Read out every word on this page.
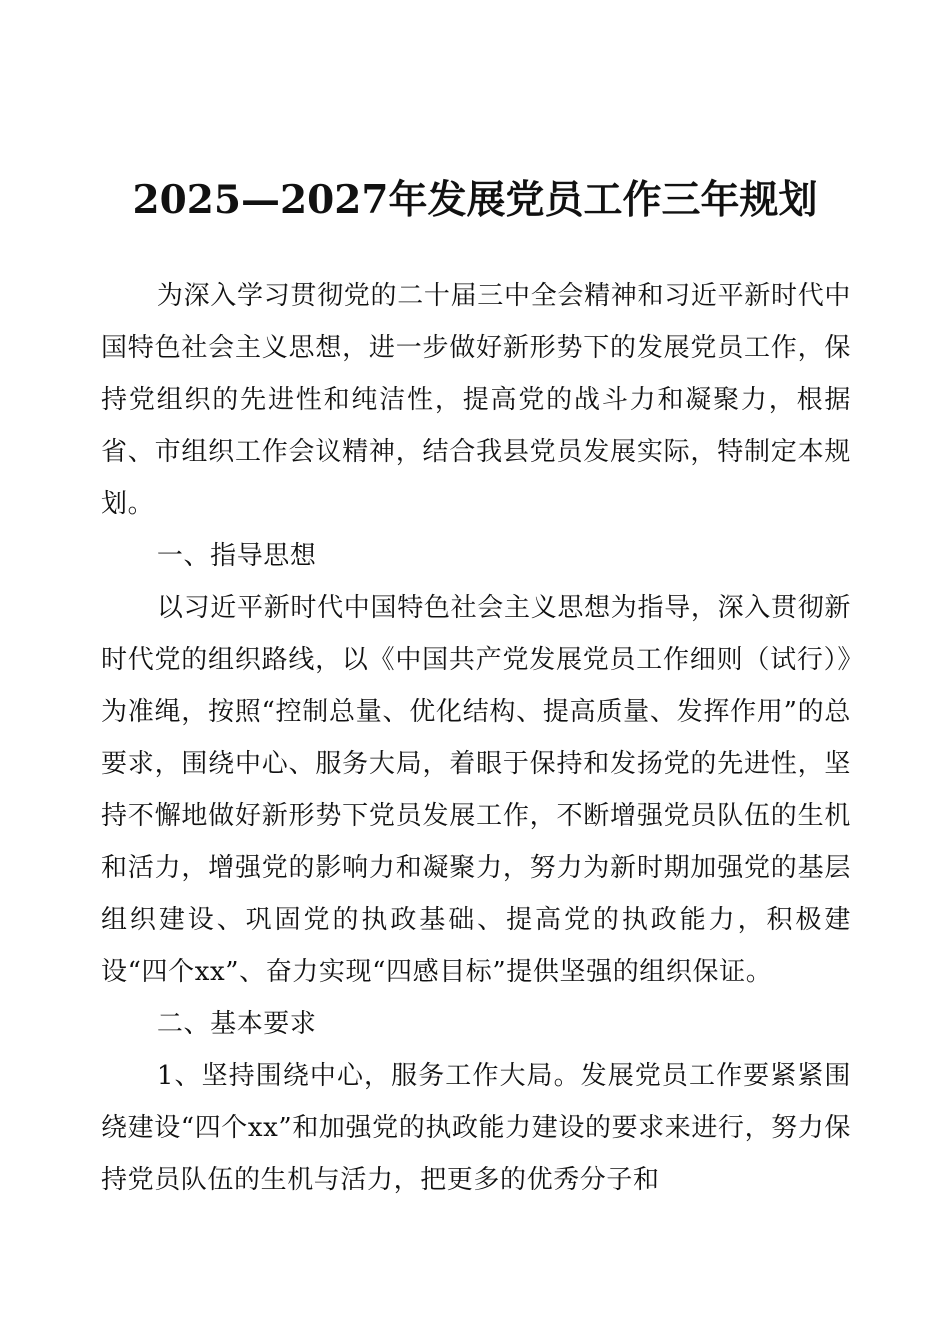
2025—2027年发展党员工作三年规划

为深入学习贯彻党的二十届三中全会精神和习近平新时代中国特色社会主义思想，进一步做好新形势下的发展党员工作，保持党组织的先进性和纯洁性，提高党的战斗力和凝聚力，根据省、市组织工作会议精神，结合我县党员发展实际，特制定本规划。

一、指导思想

以习近平新时代中国特色社会主义思想为指导，深入贯彻新时代党的组织路线，以《中国共产党发展党员工作细则（试行）》为准绳，按照“控制总量、优化结构、提高质量、发挥作用”的总要求，围绕中心、服务大局，着眼于保持和发扬党的先进性，坚持不懈地做好新形势下党员发展工作，不断增强党员队伍的生机和活力，增强党的影响力和凝聚力，努力为新时期加强党的基层组织建设、巩固党的执政基础、提高党的执政能力，积极建设“四个xx”、奋力实现“四感目标”提供坚强的组织保证。

二、基本要求

1、坚持围绕中心，服务工作大局。发展党员工作要紧紧围绕建设“四个xx”和加强党的执政能力建设的要求来进行，努力保持党员队伍的生机与活力，把更多的优秀分子和
